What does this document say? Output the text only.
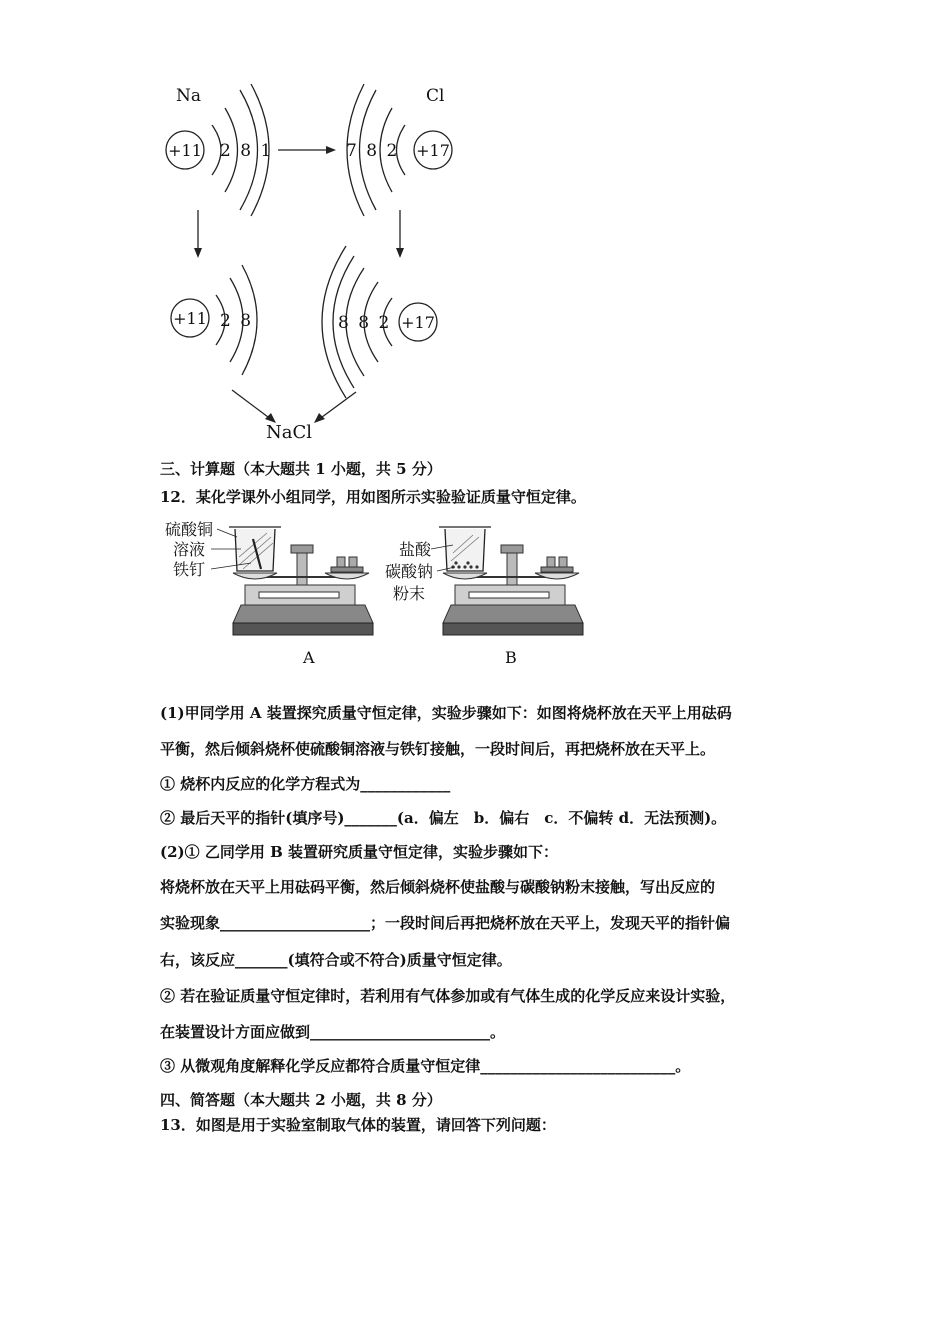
Na	Cl
+11 2 8 1	7 8 2 +17
+11 2 8	8 8 2 +17
NaCl
硫酸铜
溶液
铁钉
盐酸
碳酸钠
粉末
A	B
三、计算题（本大题共 1 小题，共 5 分）
12．某化学课外小组同学，用如图所示实验验证质量守恒定律。
(1)甲同学用 A 装置探究质量守恒定律，实验步骤如下：如图将烧杯放在天平上用砝码
平衡，然后倾斜烧杯使硫酸铜溶液与铁钉接触，一段时间后，再把烧杯放在天平上。
① 烧杯内反应的化学方程式为____________
② 最后天平的指针(填序号)_______(a．偏左　b．偏右　c．不偏转 d．无法预测)。
(2)① 乙同学用 B 装置研究质量守恒定律，实验步骤如下：
将烧杯放在天平上用砝码平衡，然后倾斜烧杯使盐酸与碳酸钠粉末接触，写出反应的
实验现象____________________；一段时间后再把烧杯放在天平上，发现天平的指针偏
右，该反应_______(填符合或不符合)质量守恒定律。
② 若在验证质量守恒定律时，若利用有气体参加或有气体生成的化学反应来设计实验，
在装置设计方面应做到________________________。
③ 从微观角度解释化学反应都符合质量守恒定律__________________________。
四、简答题（本大题共 2 小题，共 8 分）
13．如图是用于实验室制取气体的装置，请回答下列问题：
